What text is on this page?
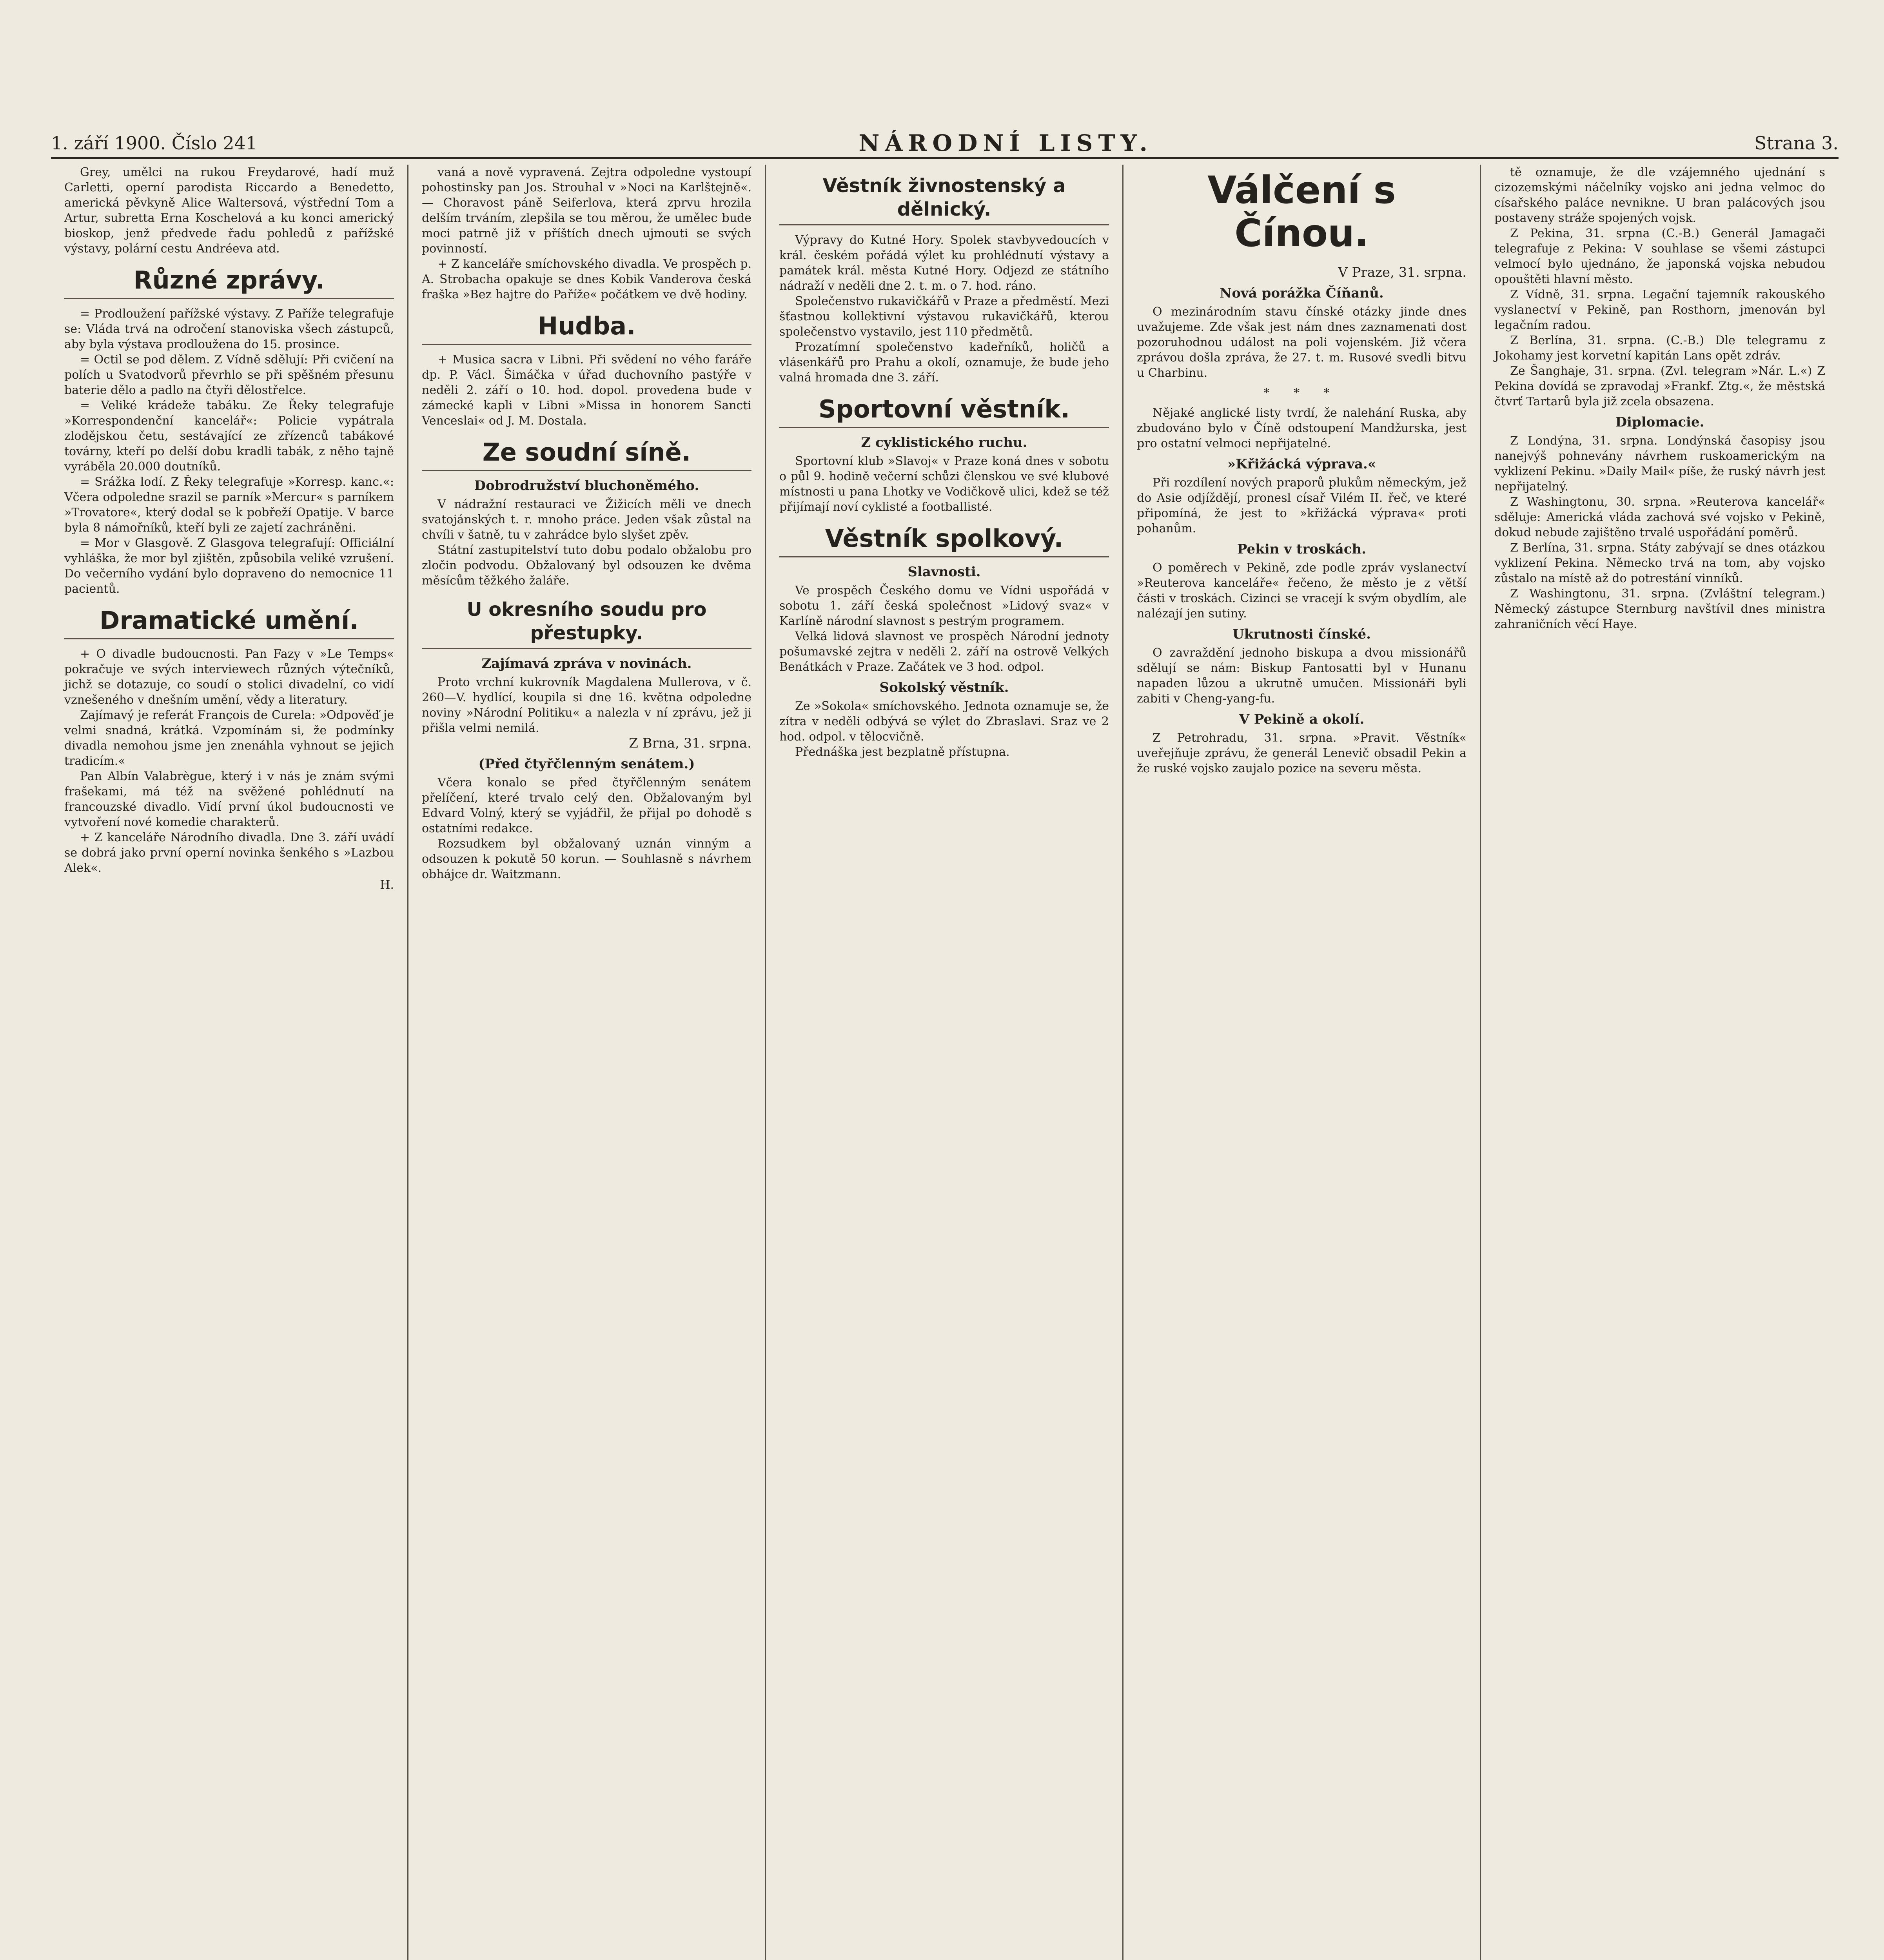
1. září 1900. Číslo 241	NÁRODNÍ LISTY.	Strana 3.

Grey, umělci na rukou Freydarové, hadí muž Carletti, operní parodista Riccardo a Benedetto, americká pěvkyně Alice Waltersová, výstřední Tom a Artur, subretta Erna Koschelová a ku konci americký bioskop, jenž předvede řadu pohledů z pařížské výstavy, polární cestu Andréeva atd.

Různé zprávy.

= Prodloužení pařížské výstavy. Z Paříže telegrafuje se: Vláda trvá na odročení stanoviska všech zástupců, aby byla výstava prodloužena do 15. prosince.

= Octil se pod dělem. Z Vídně sdělují: Při cvičení na polích u Svatodvorů převrhlo se při spěšném přesunu baterie dělo a padlo na čtyři dělostřelce.

= Veliké krádeže tabáku. Ze Řeky telegrafuje »Korrespondenční kancelář«: Policie vypátrala zlodějskou četu, sestávající ze zřízenců tabákové továrny, kteří po delší dobu kradli tabák, z něho tajně vyráběla 20.000 doutníků.

= Srážka lodí. Z Řeky telegrafuje »Korresp. kanc.«: Včera odpoledne srazil se parník »Mercur« s parníkem »Trovatore«, který dodal se k pobřeží Opatije. V barce byla 8 námořníků, kteří byli ze zajetí zachráněni.

= Mor v Glasgově. Z Glasgova telegrafují: Officiální vyhláška, že mor byl zjištěn, způsobila veliké vzrušení. Do večerního vydání bylo dopraveno do nemocnice 11 pacientů.

Dramatické umění.

+ O divadle budoucnosti. Pan Fazy v »Le Temps« pokračuje ve svých interviewech různých výtečníků, jichž se dotazuje, co soudí o stolici divadelní, co vidí vznešeného v dnešním umění, vědy a literatury.

Zajímavý je referát François de Curela: »Odpověď je velmi snadná, krátká. Vzpomínám si, že podmínky divadla nemohou jsme jen znenáhla vyhnout se jejich tradicím.«

Pan Albín Valabrègue, který i v nás je znám svými frašekami, má též na svěžené pohlédnutí na francouzské divadlo. Vidí první úkol budoucnosti ve vytvoření nové komedie charakterů.

+ Z kanceláře Národního divadla. Dne 3. září uvádí se dobrá jako první operní novinka šenkého s »Lazbou Alek«.

H.

vaná a nově vypravená. Zejtra odpoledne vystoupí pohostinsky pan Jos. Strouhal v »Noci na Karlštejně«. — Choravost páně Seiferlova, která zprvu hrozila delším trváním, zlepšila se tou měrou, že umělec bude moci patrně již v příštích dnech ujmouti se svých povinností.

+ Z kanceláře smíchovského divadla. Ve prospěch p. A. Strobacha opakuje se dnes Kobik Vanderova česká fraška »Bez hajtre do Paříže« počátkem ve dvě hodiny.

Hudba.

+ Musica sacra v Libni. Při svědení no vého faráře dp. P. Václ. Šimáčka v úřad duchovního pastýře v neděli 2. září o 10. hod. dopol. provedena bude v zámecké kapli v Libni »Missa in honorem Sancti Venceslai« od J. M. Dostala.

Ze soudní síně.
Dobrodružství bluchoněmého.

V nádražní restauraci ve Žižicích měli ve dnech svatojánských t. r. mnoho práce. Jeden však zůstal na chvíli v šatně, tu v zahrádce bylo slyšet zpěv.

Státní zastupitelství tuto dobu podalo obžalobu pro zločin podvodu. Obžalovaný byl odsouzen ke dvěma měsícům těžkého žaláře.

U okresního soudu pro přestupky.
Zajímavá zpráva v novinách.

Proto vrchní kukrovník Magdalena Mullerova, v č. 260—V. hydlící, koupila si dne 16. května odpoledne noviny »Národní Politiku« a nalezla v ní zprávu, jež ji přišla velmi nemilá.

Z Brna, 31. srpna.
(Před čtyřčlenným senátem.)

Včera konalo se před čtyřčlenným senátem přelíčení, které trvalo celý den. Obžalovaným byl Edvard Volný, který se vyjádřil, že přijal po dohodě s ostatními redakce.

Rozsudkem byl obžalovaný uznán vinným a odsouzen k pokutě 50 korun. — Souhlasně s návrhem obhájce dr. Waitzmann.

Věstník živnostenský a dělnický.

Výpravy do Kutné Hory. Spolek stavbyvedoucích v král. českém pořádá výlet ku prohlédnutí výstavy a památek král. města Kutné Hory. Odjezd ze státního nádraží v neděli dne 2. t. m. o 7. hod. ráno.

Společenstvo rukavičkářů v Praze a předměstí. Mezi šťastnou kollektivní výstavou rukavičkářů, kterou společenstvo vystavilo, jest 110 předmětů.

Prozatímní společenstvo kadeřníků, holičů a vlásenkářů pro Prahu a okolí, oznamuje, že bude jeho valná hromada dne 3. září.

Sportovní věstník.
Z cyklistického ruchu.

Sportovní klub »Slavoj« v Praze koná dnes v sobotu o půl 9. hodině večerní schůzi členskou ve své klubové místnosti u pana Lhotky ve Vodičkově ulici, kdež se též přijímají noví cyklisté a footballisté.

Věstník spolkový.
Slavnosti.

Ve prospěch Českého domu ve Vídni uspořádá v sobotu 1. září česká společnost »Lidový svaz« v Karlíně národní slavnost s pestrým programem.

Velká lidová slavnost ve prospěch Národní jednoty pošumavské zejtra v neděli 2. září na ostrově Velkých Benátkách v Praze. Začátek ve 3 hod. odpol.

Sokolský věstník.

Ze »Sokola« smíchovského. Jednota oznamuje se, že zítra v neděli odbývá se výlet do Zbraslavi. Sraz ve 2 hod. odpol. v tělocvičně.

Přednáška jest bezplatně přístupna.

Válčení s Čínou.
V Praze, 31. srpna.
Nová porážka Číňanů.

O mezinárodním stavu čínské otázky jinde dnes uvažujeme. Zde však jest nám dnes zaznamenati dost pozoruhodnou událost na poli vojenském. Již včera zprávou došla zpráva, že 27. t. m. Rusové svedli bitvu u Charbinu.

* * *

Nějaké anglické listy tvrdí, že nalehání Ruska, aby zbudováno bylo v Číně odstoupení Mandžurska, jest pro ostatní velmoci nepřijatelné.

»Křižácká výprava.«

Při rozdílení nových praporů plukům německým, jež do Asie odjíždějí, pronesl císař Vilém II. řeč, ve které připomíná, že jest to »křižácká výprava« proti pohanům.

Pekin v troskách.

O poměrech v Pekině, zde podle zpráv vyslanectví »Reuterova kanceláře« řečeno, že město je z větší části v troskách. Cizinci se vracejí k svým obydlím, ale nalézají jen sutiny.

Ukrutnosti čínské.

O zavraždění jednoho biskupa a dvou missionářů sdělují se nám: Biskup Fantosatti byl v Hunanu napaden lůzou a ukrutně umučen. Missionáři byli zabiti v Cheng-yang-fu.

V Pekině a okolí.

Z Petrohradu, 31. srpna. »Pravit. Věstník« uveřejňuje zprávu, že generál Lenevič obsadil Pekin a že ruské vojsko zaujalo pozice na severu města.

tě oznamuje, že dle vzájemného ujednání s cizozemskými náčelníky vojsko ani jedna velmoc do císařského paláce nevnikne. U bran palácových jsou postaveny stráže spojených vojsk.

Z Pekina, 31. srpna (C.-B.) Generál Jamagači telegrafuje z Pekina: V souhlase se všemi zástupci velmocí bylo ujednáno, že japonská vojska nebudou opouštěti hlavní město.

Z Vídně, 31. srpna. Legační tajemník rakouského vyslanectví v Pekině, pan Rosthorn, jmenován byl legačním radou.

Z Berlína, 31. srpna. (C.-B.) Dle telegramu z Jokohamy jest korvetní kapitán Lans opět zdráv.

Ze Šanghaje, 31. srpna. (Zvl. telegram »Nár. L.«) Z Pekina dovídá se zpravodaj »Frankf. Ztg.«, že městská čtvrť Tartarů byla již zcela obsazena.

Diplomacie.

Z Londýna, 31. srpna. Londýnská časopisy jsou nanejvýš pohnevány návrhem ruskoamerickým na vyklizení Pekinu. »Daily Mail« píše, že ruský návrh jest nepřijatelný.

Z Washingtonu, 30. srpna. »Reuterova kancelář« sděluje: Americká vláda zachová své vojsko v Pekině, dokud nebude zajištěno trvalé uspořádání poměrů.

Z Berlína, 31. srpna. Státy zabývají se dnes otázkou vyklizení Pekina. Německo trvá na tom, aby vojsko zůstalo na místě až do potrestání vinníků.

Z Washingtonu, 31. srpna. (Zvláštní telegram.) Německý zástupce Sternburg navštívil dnes ministra zahraničních věcí Haye.
